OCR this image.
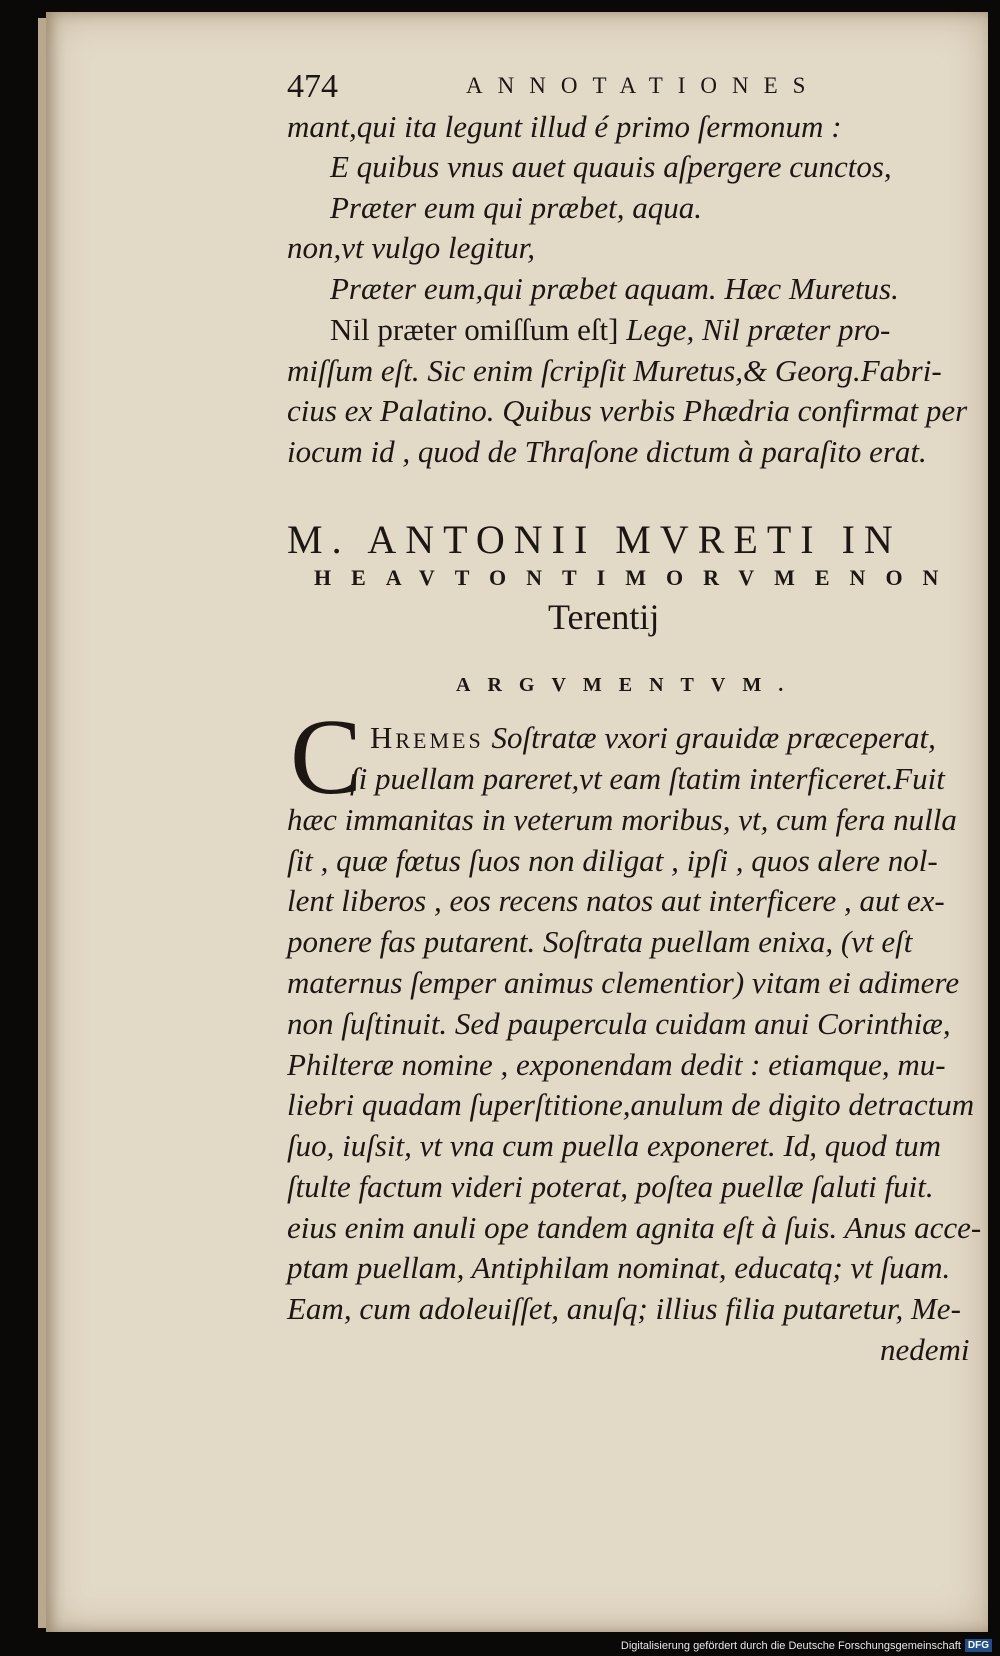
474	ANNOTATIONES
mant,qui ita legunt illud é primo ſermonum :
E quibus vnus auet quauis aſpergere cunctos,
Præter eum qui præbet, aqua.
non,vt vulgo legitur,
Præter eum,qui præbet aquam. Hæc Muretus.
Nil præter omiſſum eſt] Lege, Nil præter pro-
miſſum eſt. Sic enim ſcripſit Muretus,& Georg.Fabri-
cius ex Palatino. Quibus verbis Phædria confirmat per
iocum id , quod de Thraſone dictum à paraſito erat.
M. ANTONII MVRETI IN
HEAVTONTIMORVMENON
Terentij
ARGVMENTVM.
C Hremes Soſtratæ vxori grauidæ præceperat,
ſi puellam pareret,vt eam ſtatim interficeret.Fuit
hæc immanitas in veterum moribus, vt, cum fera nulla
ſit , quæ fœtus ſuos non diligat , ipſi , quos alere nol-
lent liberos , eos recens natos aut interficere , aut ex-
ponere fas putarent. Soſtrata puellam enixa, (vt eſt
maternus ſemper animus clementior) vitam ei adimere
non ſuſtinuit. Sed paupercula cuidam anui Corinthiæ,
Philteræ nomine , exponendam dedit : etiamque, mu-
liebri quadam ſuperſtitione,anulum de digito detractum
ſuo, iuſsit, vt vna cum puella exponeret. Id, quod tum
ſtulte factum videri poterat, poſtea puellæ ſaluti fuit.
eius enim anuli ope tandem agnita eſt à ſuis. Anus acce-
ptam puellam, Antiphilam nominat, educatq; vt ſuam.
Eam, cum adoleuiſſet, anuſq; illius filia putaretur, Me-
nedemi
Digitalisierung gefördert durch die Deutsche Forschungsgemeinschaft DFG
